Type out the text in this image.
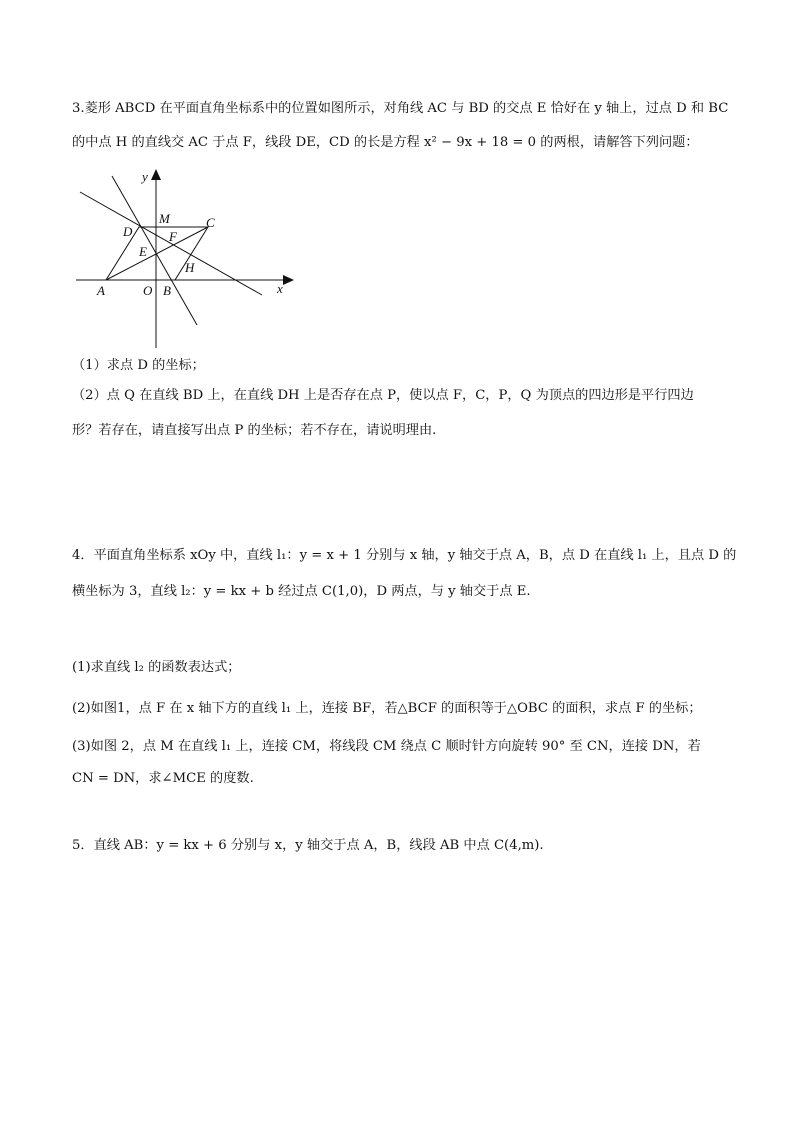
3.菱形 ABCD 在平面直角坐标系中的位置如图所示，对角线 AC 与 BD 的交点 E 恰好在 y 轴上，过点 D 和 BC
的中点 H 的直线交 AC 于点 F，线段 DE，CD 的长是方程 x² − 9x + 18 = 0 的两根，请解答下列问题：
y
x
M	C
D	F
E
H
A	O B
（1）求点 D 的坐标；
（2）点 Q 在直线 BD 上，在直线 DH 上是否存在点 P，使以点 F，C，P，Q 为顶点的四边形是平行四边
形？若存在，请直接写出点 P 的坐标；若不存在，请说明理由.
4．平面直角坐标系 xOy 中，直线 l₁：y = x + 1 分别与 x 轴，y 轴交于点 A，B，点 D 在直线 l₁ 上，且点 D 的
横坐标为 3，直线 l₂：y = kx + b 经过点 C(1,0)，D 两点，与 y 轴交于点 E.
(1)求直线 l₂ 的函数表达式；
(2)如图1，点 F 在 x 轴下方的直线 l₁ 上，连接 BF，若△BCF 的面积等于△OBC 的面积，求点 F 的坐标；
(3)如图 2，点 M 在直线 l₁ 上，连接 CM，将线段 CM 绕点 C 顺时针方向旋转 90° 至 CN，连接 DN，若
CN = DN，求∠MCE 的度数.
5．直线 AB：y = kx + 6 分别与 x，y 轴交于点 A，B，线段 AB 中点 C(4,m).
